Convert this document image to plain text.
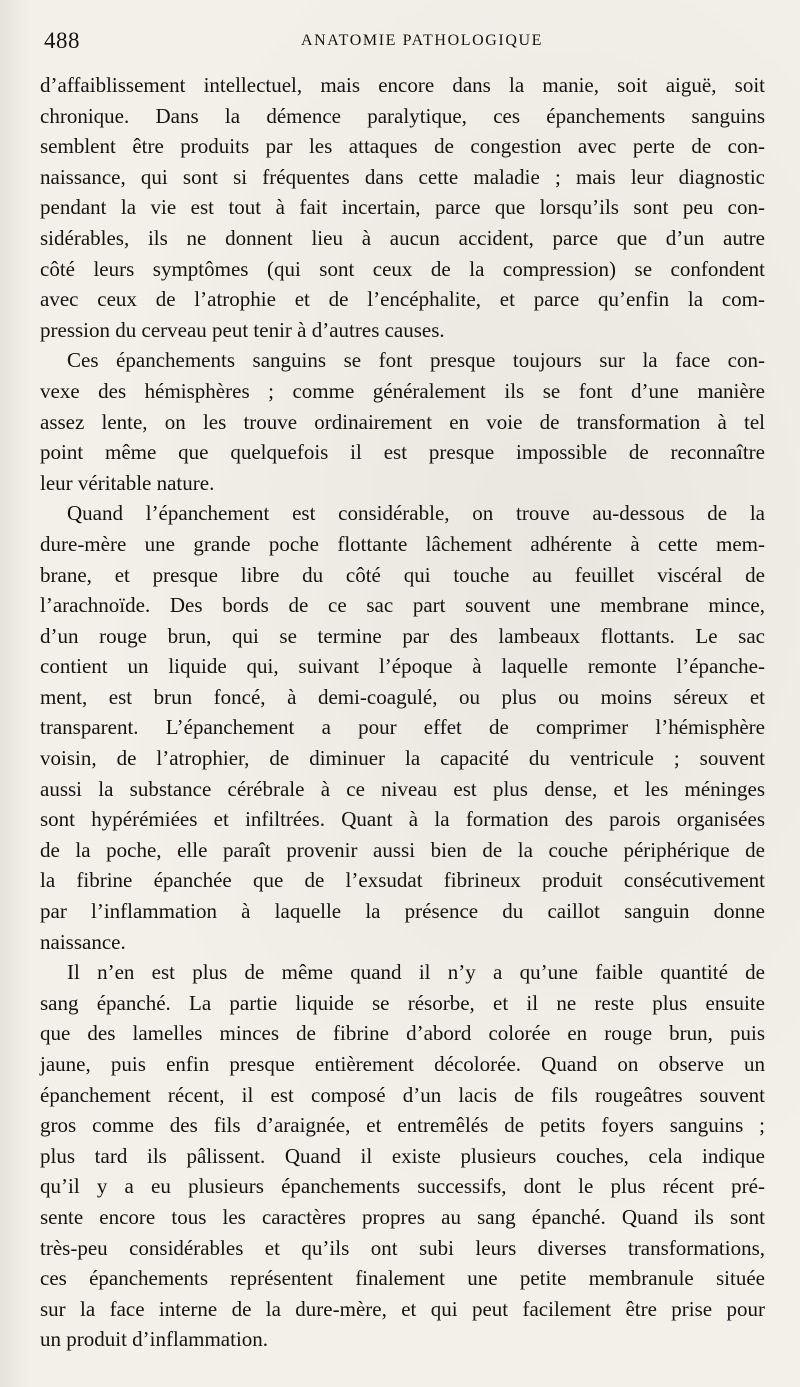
488	ANATOMIE PATHOLOGIQUE

d’affaiblissement intellectuel, mais encore dans la manie, soit aiguë, soit
chronique. Dans la démence paralytique, ces épanchements sanguins
semblent être produits par les attaques de congestion avec perte de con-
naissance, qui sont si fréquentes dans cette maladie ; mais leur diagnostic
pendant la vie est tout à fait incertain, parce que lorsqu’ils sont peu con-
sidérables, ils ne donnent lieu à aucun accident, parce que d’un autre
côté leurs symptômes (qui sont ceux de la compression) se confondent
avec ceux de l’atrophie et de l’encéphalite, et parce qu’enfin la com-
pression du cerveau peut tenir à d’autres causes.

Ces épanchements sanguins se font presque toujours sur la face con-
vexe des hémisphères ; comme généralement ils se font d’une manière
assez lente, on les trouve ordinairement en voie de transformation à tel
point même que quelquefois il est presque impossible de reconnaître
leur véritable nature.

Quand l’épanchement est considérable, on trouve au-dessous de la
dure-mère une grande poche flottante lâchement adhérente à cette mem-
brane, et presque libre du côté qui touche au feuillet viscéral de
l’arachnoïde. Des bords de ce sac part souvent une membrane mince,
d’un rouge brun, qui se termine par des lambeaux flottants. Le sac
contient un liquide qui, suivant l’époque à laquelle remonte l’épanche-
ment, est brun foncé, à demi-coagulé, ou plus ou moins séreux et
transparent. L’épanchement a pour effet de comprimer l’hémisphère
voisin, de l’atrophier, de diminuer la capacité du ventricule ; souvent
aussi la substance cérébrale à ce niveau est plus dense, et les méninges
sont hypérémiées et infiltrées. Quant à la formation des parois organisées
de la poche, elle paraît provenir aussi bien de la couche périphérique de
la fibrine épanchée que de l’exsudat fibrineux produit consécutivement
par l’inflammation à laquelle la présence du caillot sanguin donne
naissance.

Il n’en est plus de même quand il n’y a qu’une faible quantité de
sang épanché. La partie liquide se résorbe, et il ne reste plus ensuite
que des lamelles minces de fibrine d’abord colorée en rouge brun, puis
jaune, puis enfin presque entièrement décolorée. Quand on observe un
épanchement récent, il est composé d’un lacis de fils rougeâtres souvent
gros comme des fils d’araignée, et entremêlés de petits foyers sanguins ;
plus tard ils pâlissent. Quand il existe plusieurs couches, cela indique
qu’il y a eu plusieurs épanchements successifs, dont le plus récent pré-
sente encore tous les caractères propres au sang épanché. Quand ils sont
très-peu considérables et qu’ils ont subi leurs diverses transformations,
ces épanchements représentent finalement une petite membranule située
sur la face interne de la dure-mère, et qui peut facilement être prise pour
un produit d’inflammation.
